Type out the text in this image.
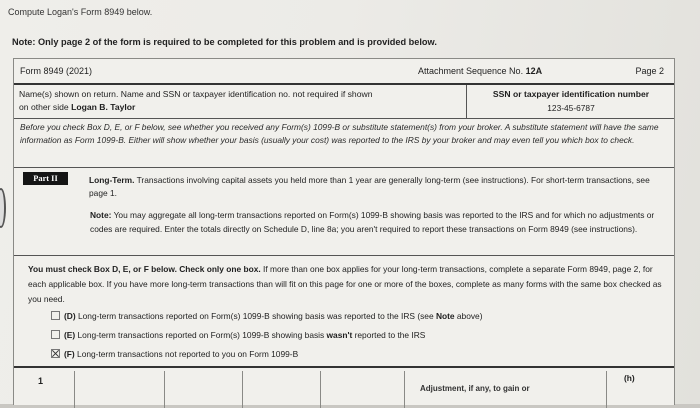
Compute Logan's Form 8949 below.
Note: Only page 2 of the form is required to be completed for this problem and is provided below.
Form 8949 (2021)	Attachment Sequence No. 12A	Page 2
Name(s) shown on return. Name and SSN or taxpayer identification no. not required if shown
on other side Logan B. Taylor
SSN or taxpayer identification number
123-45-6787
Before you check Box D, E, or F below, see whether you received any Form(s) 1099-B or substitute statement(s) from your broker. A substitute statement will have the same information as Form 1099-B. Either will show whether your basis (usually your cost) was reported to the IRS by your broker and may even tell you which box to check.
Part II	Long-Term. Transactions involving capital assets you held more than 1 year are generally long-term (see instructions). For short-term transactions, see page 1.
Note: You may aggregate all long-term transactions reported on Form(s) 1099-B showing basis was reported to the IRS and for which no adjustments or codes are required. Enter the totals directly on Schedule D, line 8a; you aren't required to report these transactions on Form 8949 (see instructions).
You must check Box D, E, or F below. Check only one box. If more than one box applies for your long-term transactions, complete a separate Form 8949, page 2, for each applicable box. If you have more long-term transactions than will fit on this page for one or more of the boxes, complete as many forms with the same box checked as you need.
(D) Long-term transactions reported on Form(s) 1099-B showing basis was reported to the IRS (see Note above)
(E) Long-term transactions reported on Form(s) 1099-B showing basis wasn't reported to the IRS
(F) Long-term transactions not reported to you on Form 1099-B
1
Adjustment, if any, to gain or
(h)
